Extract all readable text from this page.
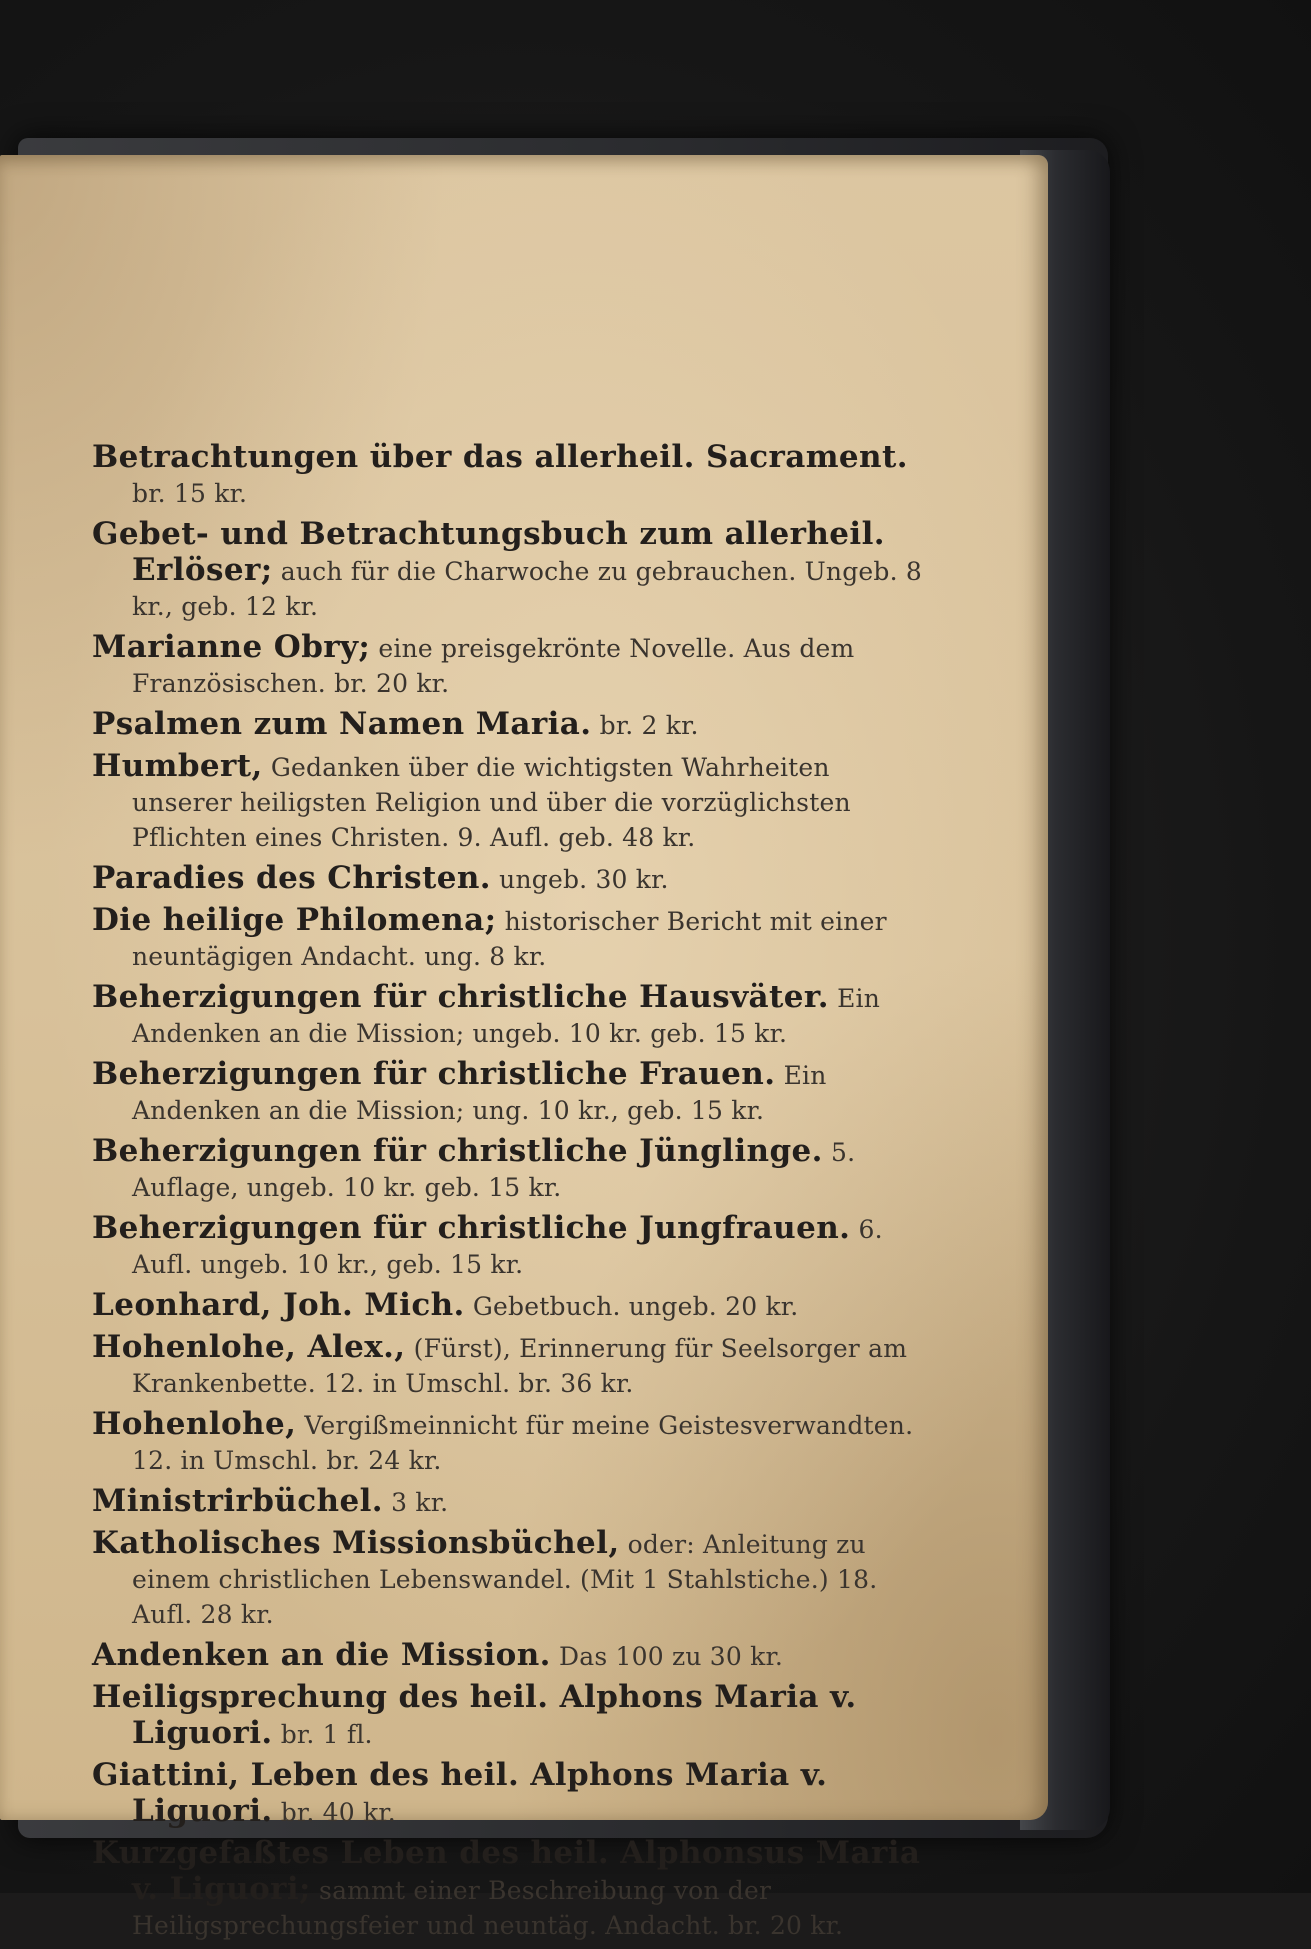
Betrachtungen über das allerheil. Sacrament. br. 15 kr.

Gebet- und Betrachtungsbuch zum allerheil. Erlöser; auch für die Charwoche zu gebrauchen. Ungeb. 8 kr., geb. 12 kr.

Marianne Obry; eine preisgekrönte Novelle. Aus dem Französischen. br. 20 kr.

Psalmen zum Namen Maria. br. 2 kr.

Humbert, Gedanken über die wichtigsten Wahrheiten unserer heiligsten Religion und über die vorzüglichsten Pflichten eines Christen. 9. Aufl. geb. 48 kr.

Paradies des Christen. ungeb. 30 kr.

Die heilige Philomena; historischer Bericht mit einer neuntägigen Andacht. ung. 8 kr.

Beherzigungen für christliche Hausväter. Ein Andenken an die Mission; ungeb. 10 kr. geb. 15 kr.

Beherzigungen für christliche Frauen. Ein Andenken an die Mission; ung. 10 kr., geb. 15 kr.

Beherzigungen für christliche Jünglinge. 5. Auflage, ungeb. 10 kr. geb. 15 kr.

Beherzigungen für christliche Jungfrauen. 6. Aufl. ungeb. 10 kr., geb. 15 kr.

Leonhard, Joh. Mich. Gebetbuch. ungeb. 20 kr.

Hohenlohe, Alex., (Fürst), Erinnerung für Seelsorger am Krankenbette. 12. in Umschl. br. 36 kr.

Hohenlohe, Vergißmeinnicht für meine Geistesverwandten. 12. in Umschl. br. 24 kr.

Ministrirbüchel. 3 kr.

Katholisches Missionsbüchel, oder: Anleitung zu einem christlichen Lebenswandel. (Mit 1 Stahlstiche.) 18. Aufl. 28 kr.

Andenken an die Mission. Das 100 zu 30 kr.

Heiligsprechung des heil. Alphons Maria v. Liguori. br. 1 fl.

Giattini, Leben des heil. Alphons Maria v. Liguori. br. 40 kr.

Kurzgefaßtes Leben des heil. Alphonsus Maria v. Liguori; sammt einer Beschreibung von der Heiligsprechungsfeier und neuntäg. Andacht. br. 20 kr.
